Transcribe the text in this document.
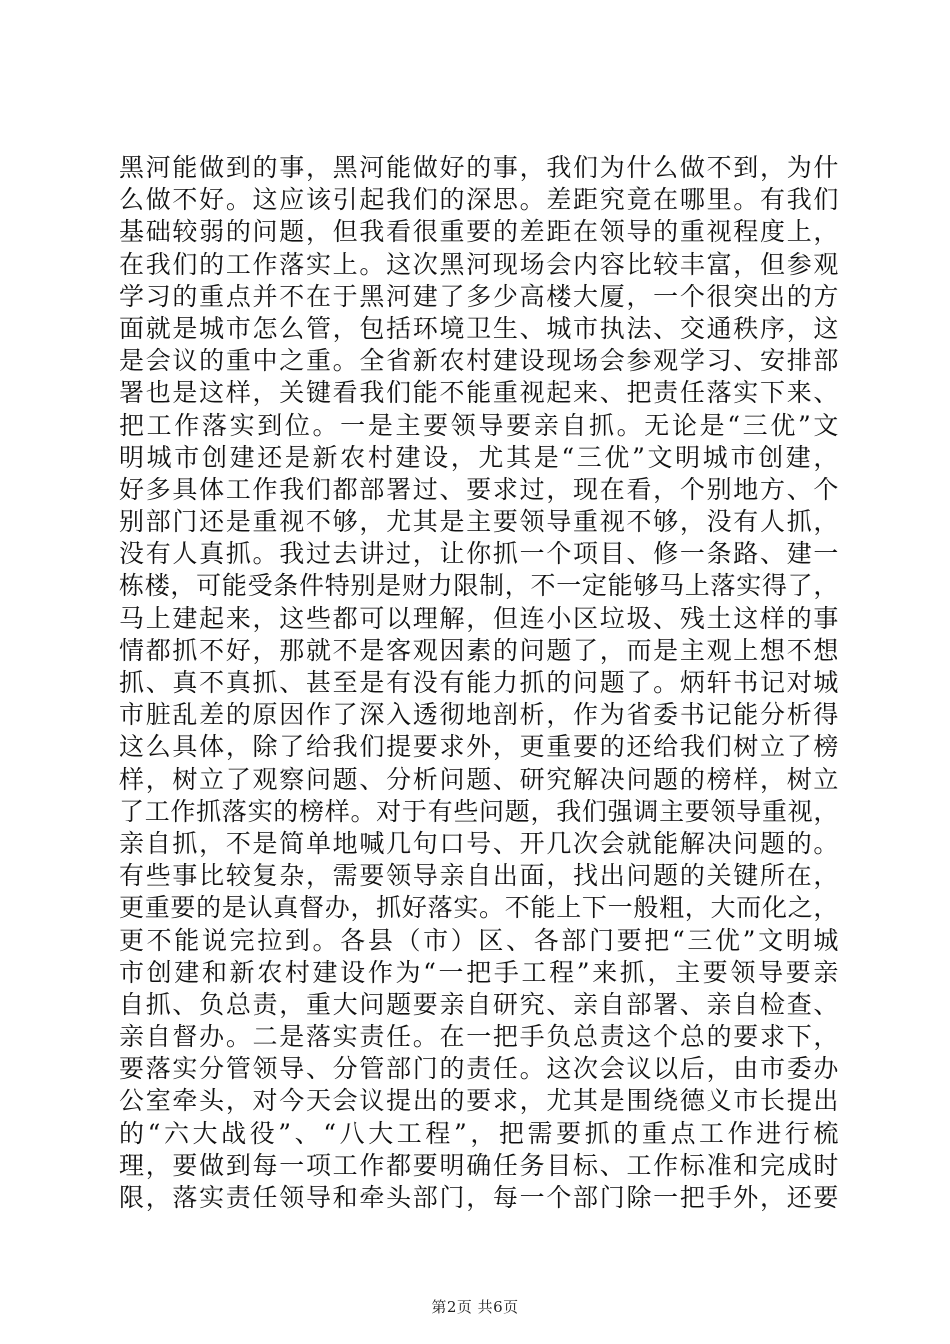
黑河能做到的事，黑河能做好的事，我们为什么做不到，为什
么做不好。这应该引起我们的深思。差距究竟在哪里。有我们
基础较弱的问题，但我看很重要的差距在领导的重视程度上，
在我们的工作落实上。这次黑河现场会内容比较丰富，但参观
学习的重点并不在于黑河建了多少高楼大厦，一个很突出的方
面就是城市怎么管，包括环境卫生、城市执法、交通秩序，这
是会议的重中之重。全省新农村建设现场会参观学习、安排部
署也是这样，关键看我们能不能重视起来、把责任落实下来、
把工作落实到位。一是主要领导要亲自抓。无论是“三优”文
明城市创建还是新农村建设，尤其是“三优”文明城市创建，
好多具体工作我们都部署过、要求过，现在看，个别地方、个
别部门还是重视不够，尤其是主要领导重视不够，没有人抓，
没有人真抓。我过去讲过，让你抓一个项目、修一条路、建一
栋楼，可能受条件特别是财力限制，不一定能够马上落实得了，
马上建起来，这些都可以理解，但连小区垃圾、残土这样的事
情都抓不好，那就不是客观因素的问题了，而是主观上想不想
抓、真不真抓、甚至是有没有能力抓的问题了。炳轩书记对城
市脏乱差的原因作了深入透彻地剖析，作为省委书记能分析得
这么具体，除了给我们提要求外，更重要的还给我们树立了榜
样，树立了观察问题、分析问题、研究解决问题的榜样，树立
了工作抓落实的榜样。对于有些问题，我们强调主要领导重视，
亲自抓，不是简单地喊几句口号、开几次会就能解决问题的。
有些事比较复杂，需要领导亲自出面，找出问题的关键所在，
更重要的是认真督办，抓好落实。不能上下一般粗，大而化之，
更不能说完拉到。各县（市）区、各部门要把“三优”文明城
市创建和新农村建设作为“一把手工程”来抓，主要领导要亲
自抓、负总责，重大问题要亲自研究、亲自部署、亲自检查、
亲自督办。二是落实责任。在一把手负总责这个总的要求下，
要落实分管领导、分管部门的责任。这次会议以后，由市委办
公室牵头，对今天会议提出的要求，尤其是围绕德义市长提出
的“六大战役”、“八大工程”，把需要抓的重点工作进行梳
理，要做到每一项工作都要明确任务目标、工作标准和完成时
限，落实责任领导和牵头部门，每一个部门除一把手外，还要
第2页 共6页
